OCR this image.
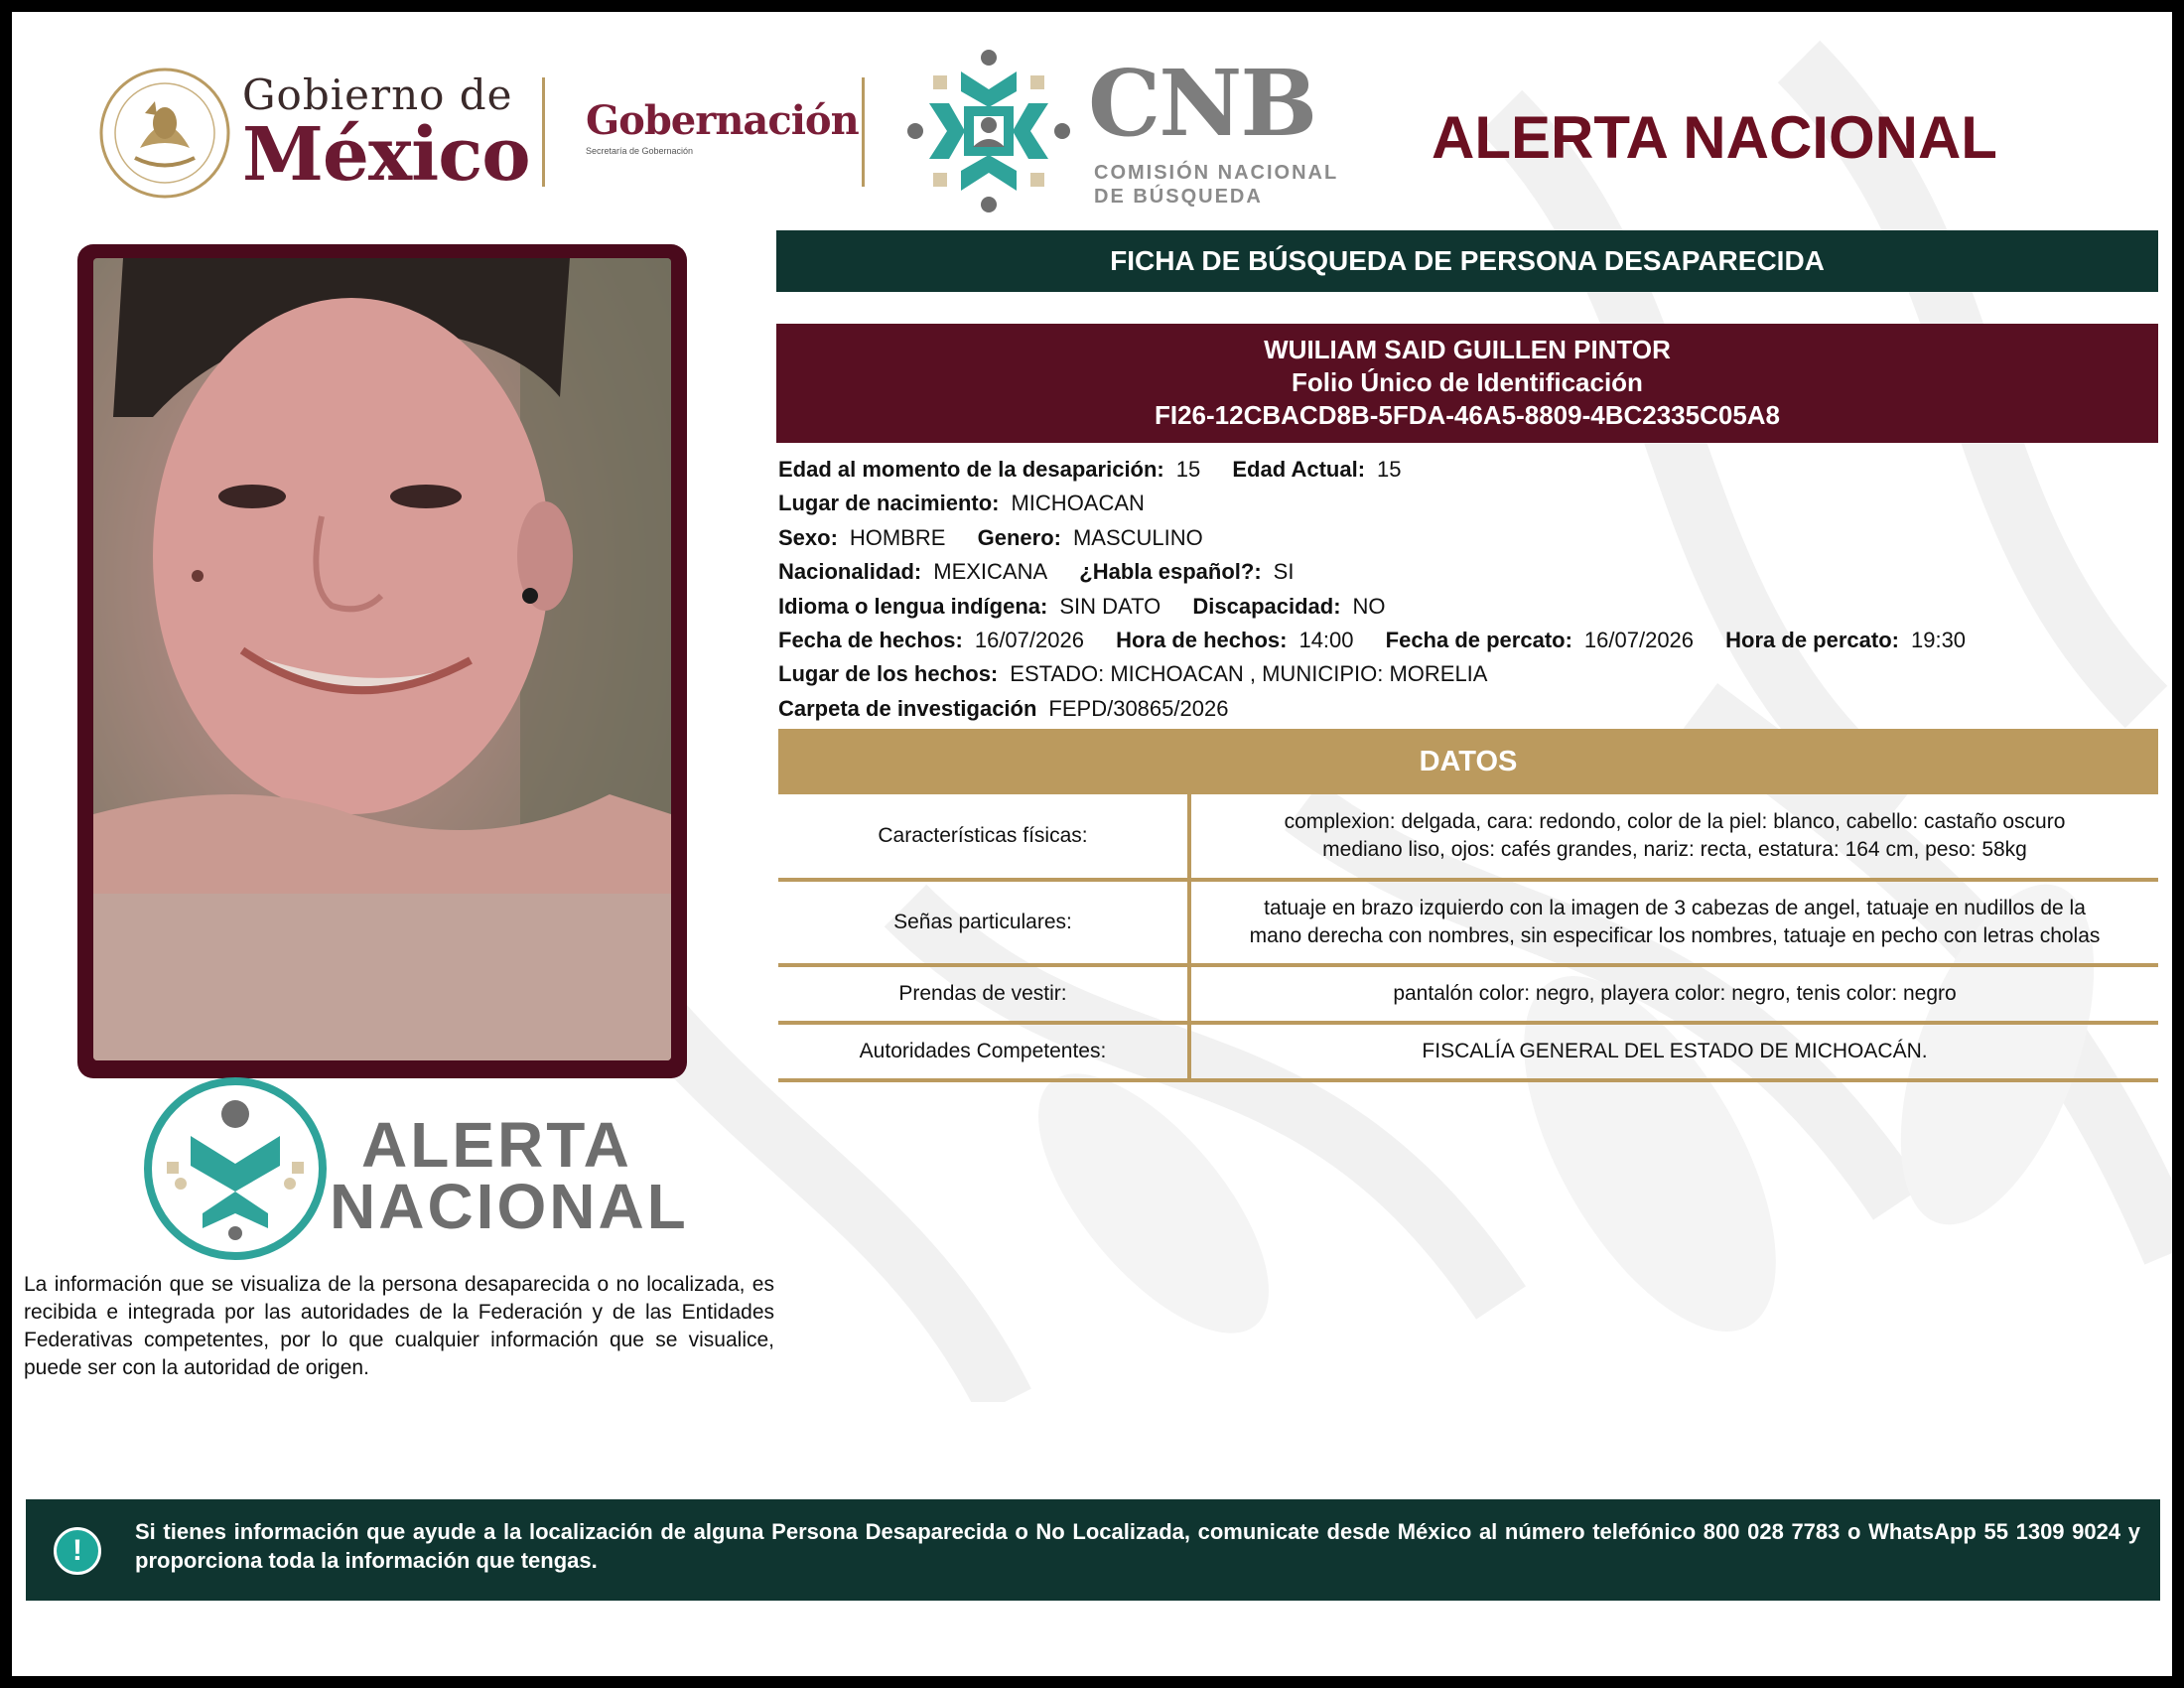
Gobierno de
México Gobernación
Secretaría de Gobernación	CNB
COMISIÓN NACIONAL
DE BÚSQUEDA
ALERTA NACIONAL
ALERTA
NACIONAL
La información que se visualiza de la persona desaparecida o no localizada, es recibida e integrada por las autoridades de la Federación y de las Entidades Federativas competentes, por lo que cualquier información que se visualice, puede ser con la autoridad de origen.
FICHA DE BÚSQUEDA DE PERSONA DESAPARECIDA
WUILIAM SAID GUILLEN PINTOR
Folio Único de Identificación
FI26-12CBACD8B-5FDA-46A5-8809-4BC2335C05A8
Edad al momento de la desaparición: 15 Edad Actual: 15
Lugar de nacimiento: MICHOACAN
Sexo: HOMBRE Genero: MASCULINO
Nacionalidad: MEXICANA ¿Habla español?: SI
Idioma o lengua indígena: SIN DATO Discapacidad: NO
Fecha de hechos: 16/07/2026 Hora de hechos: 14:00 Fecha de percato: 16/07/2026 Hora de percato: 19:30
Lugar de los hechos: ESTADO: MICHOACAN , MUNICIPIO: MORELIA
Carpeta de investigación FEPD/30865/2026
DATOS
Características físicas:	complexion: delgada, cara: redondo, color de la piel: blanco, cabello: castaño oscuro
mediano liso, ojos: cafés grandes, nariz: recta, estatura: 164 cm, peso: 58kg

Señas particulares:	tatuaje en brazo izquierdo con la imagen de 3 cabezas de angel, tatuaje en nudillos de la
mano derecha con nombres, sin especificar los nombres, tatuaje en pecho con letras cholas

Prendas de vestir:	pantalón color: negro, playera color: negro, tenis color: negro

Autoridades Competentes:	FISCALÍA GENERAL DEL ESTADO DE MICHOACÁN.
!
Si tienes información que ayude a la localización de alguna Persona Desaparecida o No Localizada, comunicate desde México al número telefónico 800 028 7783 o WhatsApp 55 1309 9024 y proporciona toda la información que tengas.
